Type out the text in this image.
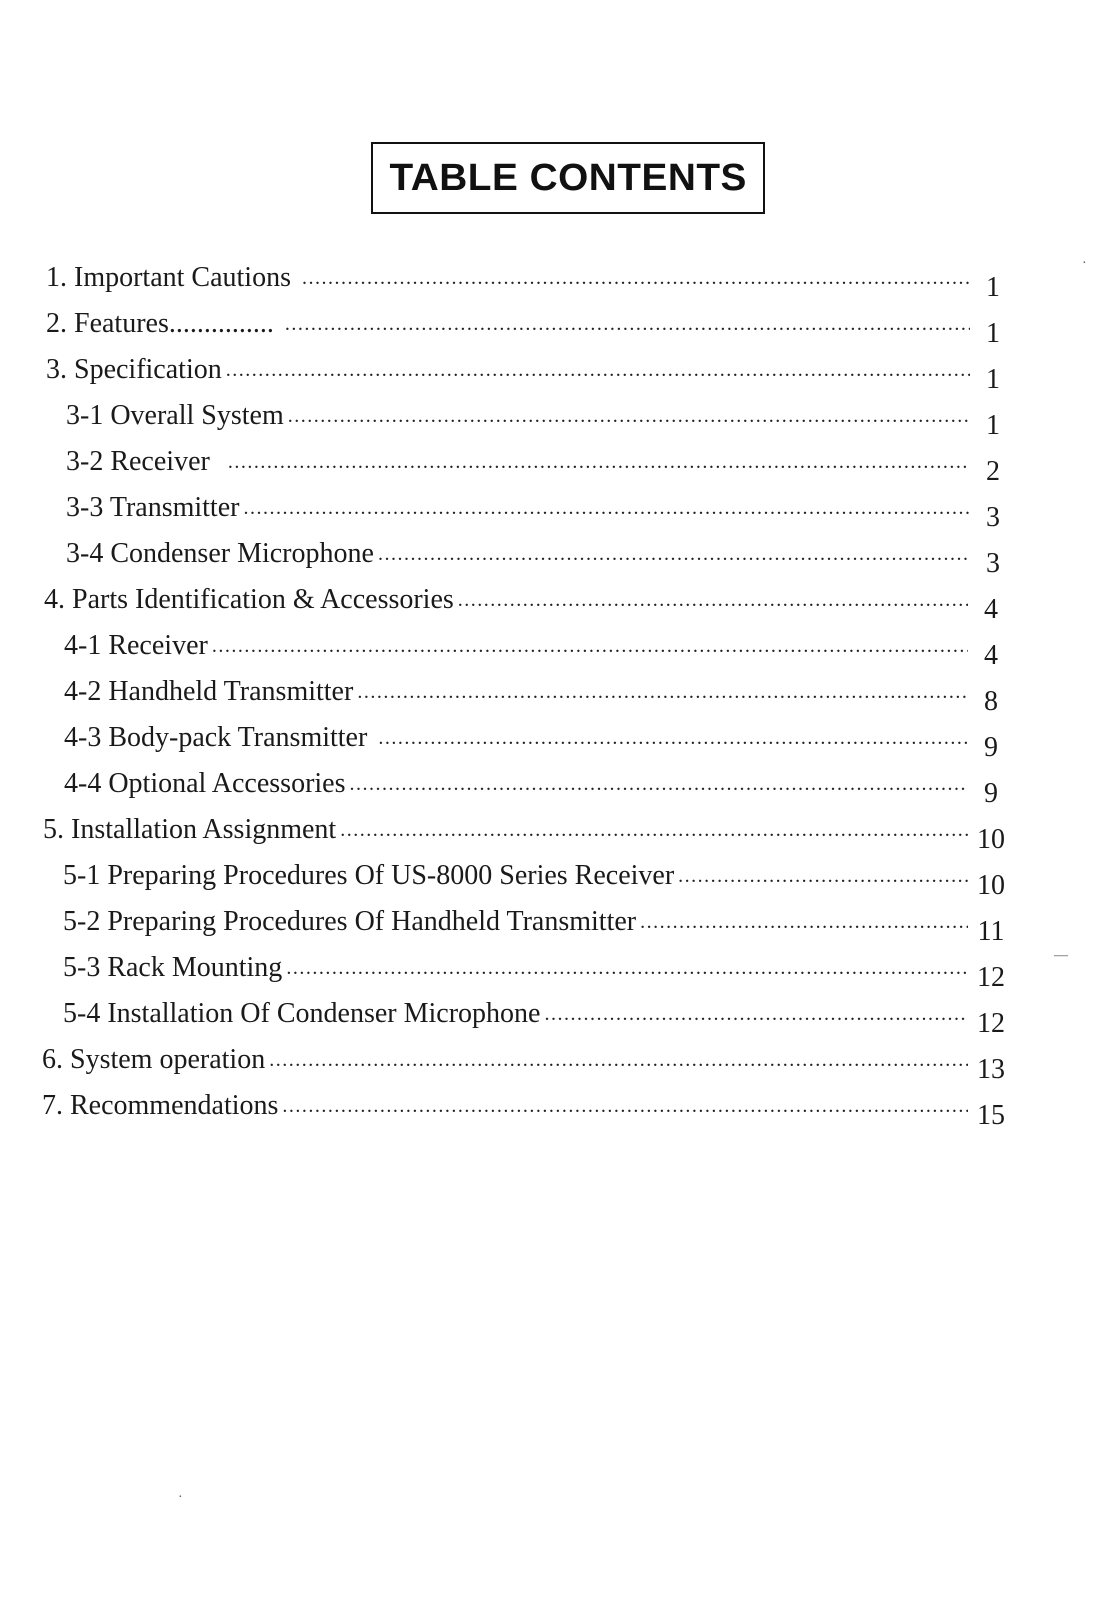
TABLE CONTENTS
1. Important Cautions .....	1
2. Features............... .....	1
3. Specification .....	1
3-1 Overall System .....	1
3-2 Receiver .....	2
3-3 Transmitter .....	3
3-4 Condenser Microphone .....	3
4. Parts Identification & Accessories .....	4
4-1 Receiver .....	4
4-2 Handheld Transmitter .....	8
4-3 Body-pack Transmitter .....	9
4-4 Optional Accessories .....	9
5. Installation Assignment .....	10
5-1 Preparing Procedures Of US-8000 Series Receiver .....	10
5-2 Preparing Procedures Of Handheld Transmitter .....	11
5-3 Rack Mounting .....	12
5-4 Installation Of Condenser Microphone .....	12
6. System operation .....	13
7. Recommendations .....	15
·
—
·
